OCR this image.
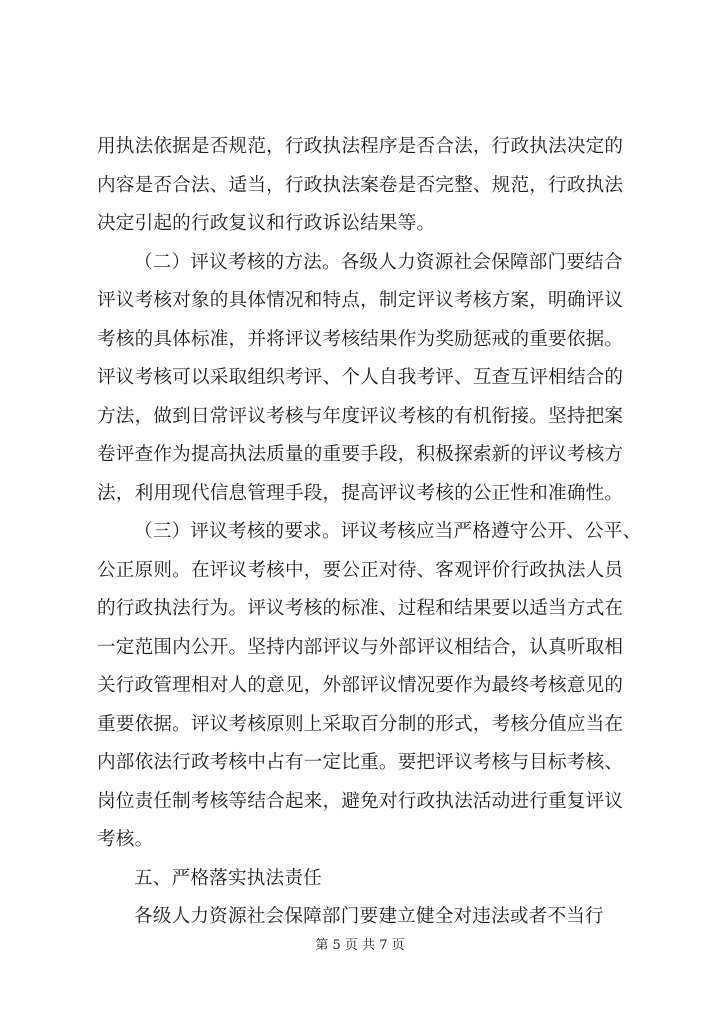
用执法依据是否规范，行政执法程序是否合法，行政执法决定的
内容是否合法、适当，行政执法案卷是否完整、规范，行政执法
决定引起的行政复议和行政诉讼结果等。
（二）评议考核的方法。各级人力资源社会保障部门要结合
评议考核对象的具体情况和特点，制定评议考核方案，明确评议
考核的具体标准，并将评议考核结果作为奖励惩戒的重要依据。
评议考核可以采取组织考评、个人自我考评、互查互评相结合的
方法，做到日常评议考核与年度评议考核的有机衔接。坚持把案
卷评查作为提高执法质量的重要手段，积极探索新的评议考核方
法，利用现代信息管理手段，提高评议考核的公正性和准确性。
（三）评议考核的要求。评议考核应当严格遵守公开、公平、
公正原则。在评议考核中，要公正对待、客观评价行政执法人员
的行政执法行为。评议考核的标准、过程和结果要以适当方式在
一定范围内公开。坚持内部评议与外部评议相结合，认真听取相
关行政管理相对人的意见，外部评议情况要作为最终考核意见的
重要依据。评议考核原则上采取百分制的形式，考核分值应当在
内部依法行政考核中占有一定比重。要把评议考核与目标考核、
岗位责任制考核等结合起来，避免对行政执法活动进行重复评议
考核。
五、严格落实执法责任
各级人力资源社会保障部门要建立健全对违法或者不当行
第 5 页 共 7 页
